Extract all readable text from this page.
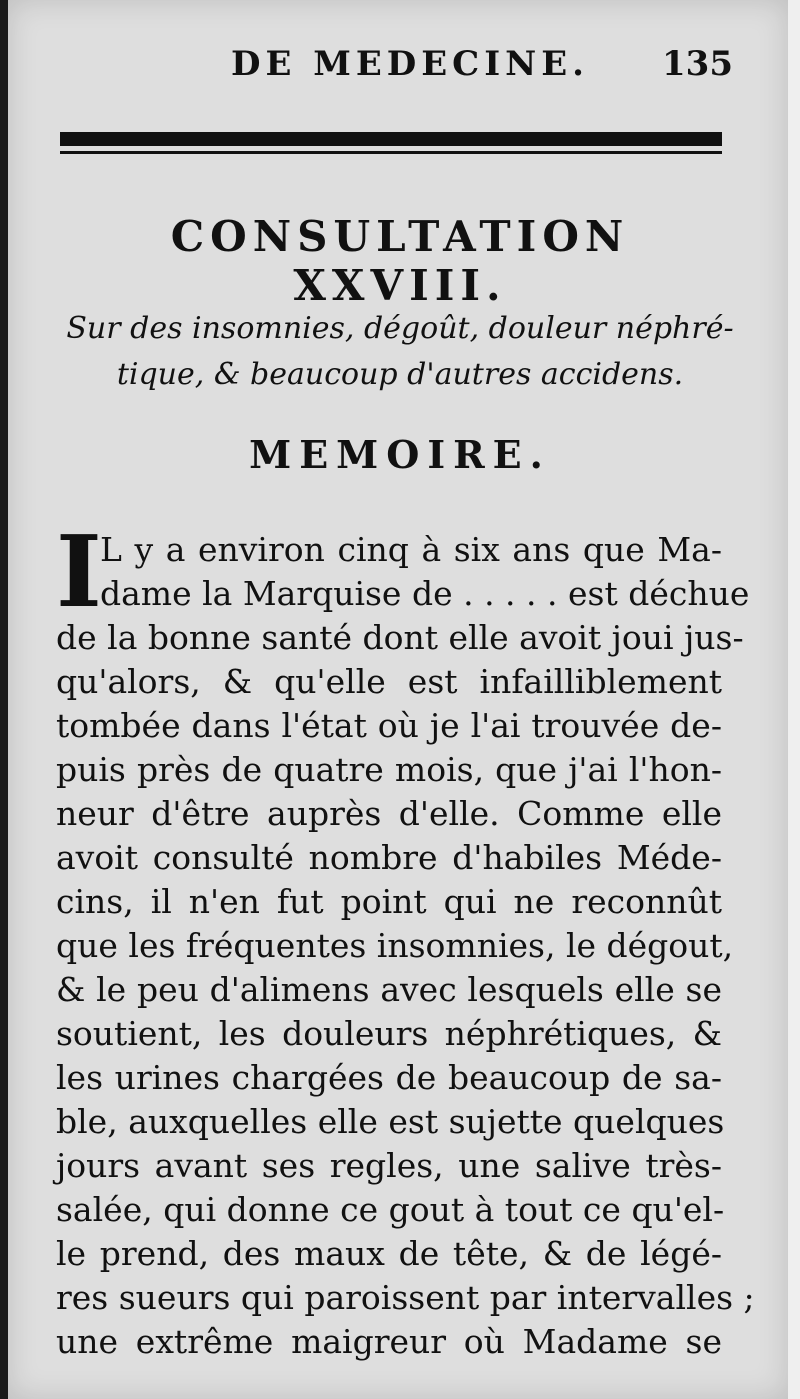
DE MEDECINE.	135
CONSULTATION XXVIII.
Sur des insomnies, dégoût, douleur néphré-
tique, & beaucoup d'autres accidens.
MEMOIRE.
I
L y a environ cinq à six ans que Ma-
dame la Marquise de . . . . . est déchue
de la bonne santé dont elle avoit joui jus-
qu'alors, & qu'elle est infailliblement
tombée dans l'état où je l'ai trouvée de-
puis près de quatre mois, que j'ai l'hon-
neur d'être auprès d'elle. Comme elle
avoit consulté nombre d'habiles Méde-
cins, il n'en fut point qui ne reconnût
que les fréquentes insomnies, le dégout,
& le peu d'alimens avec lesquels elle se
soutient, les douleurs néphrétiques, &
les urines chargées de beaucoup de sa-
ble, auxquelles elle est sujette quelques
jours avant ses regles, une salive très-
salée, qui donne ce gout à tout ce qu'el-
le prend, des maux de tête, & de légé-
res sueurs qui paroissent par intervalles ;
une extrême maigreur où Madame se
